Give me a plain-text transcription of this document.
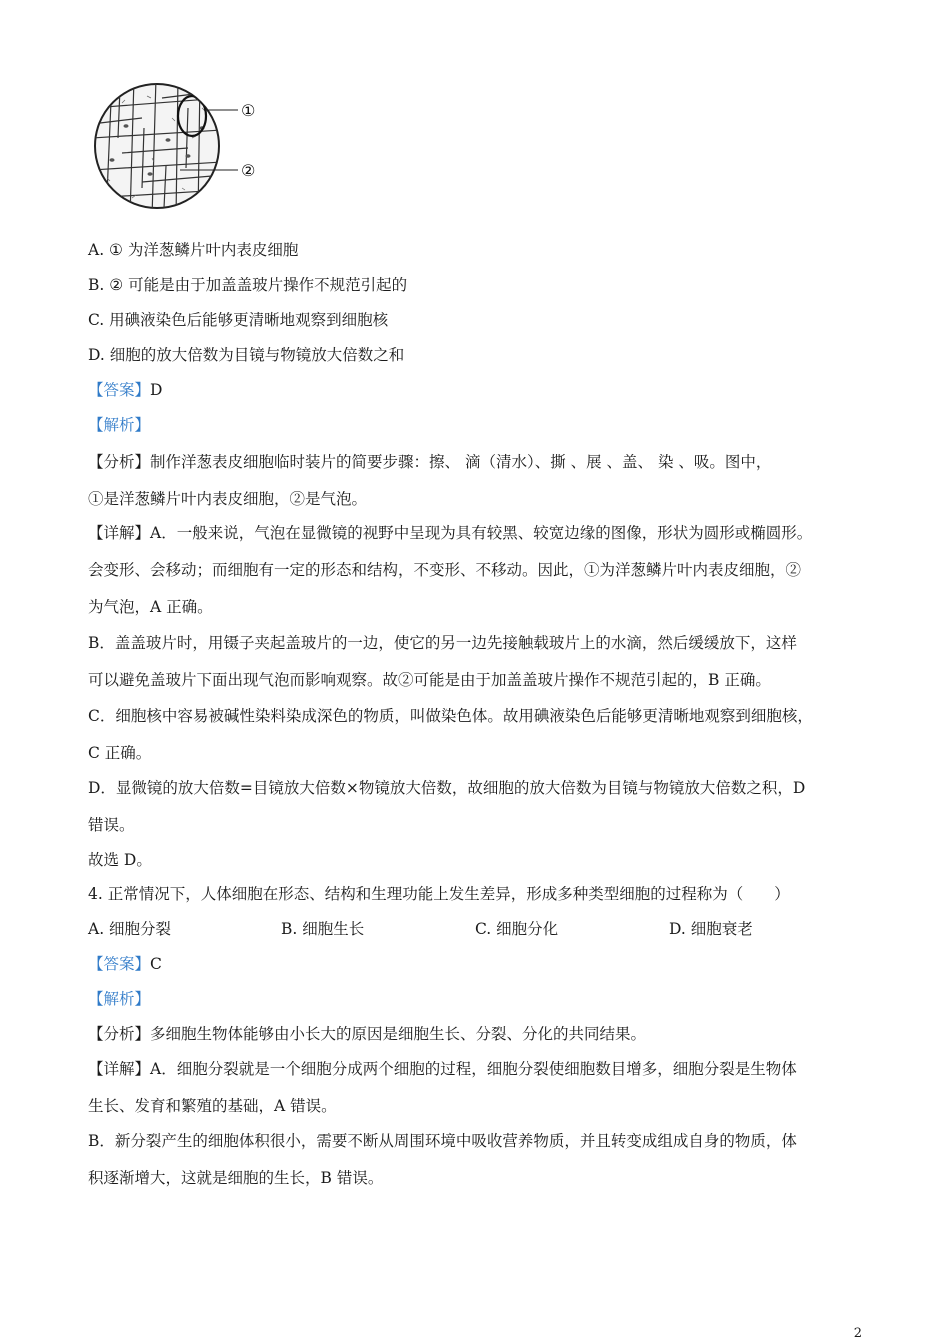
①
②
A. ① 为洋葱鳞片叶内表皮细胞
B. ② 可能是由于加盖盖玻片操作不规范引起的
C. 用碘液染色后能够更清晰地观察到细胞核
D. 细胞的放大倍数为目镜与物镜放大倍数之和
【答案】D
【解析】
【分析】制作洋葱表皮细胞临时装片的简要步骤：擦、 滴（清水）、撕 、展 、盖、 染 、吸。图中，
①是洋葱鳞片叶内表皮细胞，②是气泡。
【详解】A．一般来说，气泡在显微镜的视野中呈现为具有较黑、较宽边缘的图像，形状为圆形或椭圆形。
会变形、会移动；而细胞有一定的形态和结构，不变形、不移动。因此，①为洋葱鳞片叶内表皮细胞，②
为气泡，A 正确。
B．盖盖玻片时，用镊子夹起盖玻片的一边，使它的另一边先接触载玻片上的水滴，然后缓缓放下，这样
可以避免盖玻片下面出现气泡而影响观察。故②可能是由于加盖盖玻片操作不规范引起的，B 正确。
C．细胞核中容易被碱性染料染成深色的物质，叫做染色体。故用碘液染色后能够更清晰地观察到细胞核，
C 正确。
D．显微镜的放大倍数=目镜放大倍数×物镜放大倍数，故细胞的放大倍数为目镜与物镜放大倍数之积，D
错误。
故选 D。
4. 正常情况下，人体细胞在形态、结构和生理功能上发生差异，形成多种类型细胞的过程称为（　　）
A. 细胞分裂	B. 细胞生长	C. 细胞分化	D. 细胞衰老
【答案】C
【解析】
【分析】多细胞生物体能够由小长大的原因是细胞生长、分裂、分化的共同结果。
【详解】A．细胞分裂就是一个细胞分成两个细胞的过程，细胞分裂使细胞数目增多，细胞分裂是生物体
生长、发育和繁殖的基础，A 错误。
B．新分裂产生的细胞体积很小，需要不断从周围环境中吸收营养物质，并且转变成组成自身的物质，体
积逐渐增大，这就是细胞的生长，B 错误。
2
